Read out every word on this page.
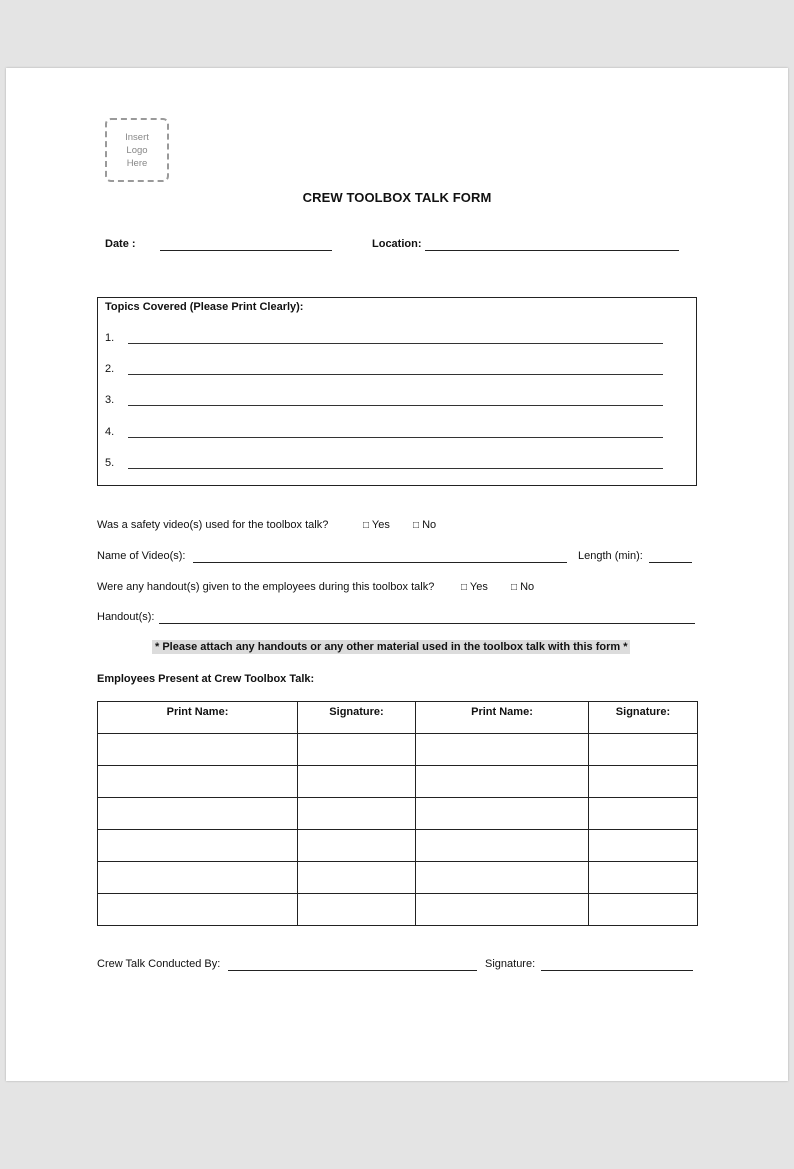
Insert
Logo
Here
CREW TOOLBOX TALK FORM
Date :	Location:
Topics Covered (Please Print Clearly):
1.
2.
3.
4.
5.
Was a safety video(s) used for the toolbox talk?	□ Yes □ No
Name of Video(s):	Length (min):
Were any handout(s) given to the employees during this toolbox talk?	□ Yes □ No
Handout(s):
* Please attach any handouts or any other material used in the toolbox talk with this form *
Employees Present at Crew Toolbox Talk:
Print Name:	Signature:	Print Name:	Signature:

Crew Talk Conducted By:	Signature:
